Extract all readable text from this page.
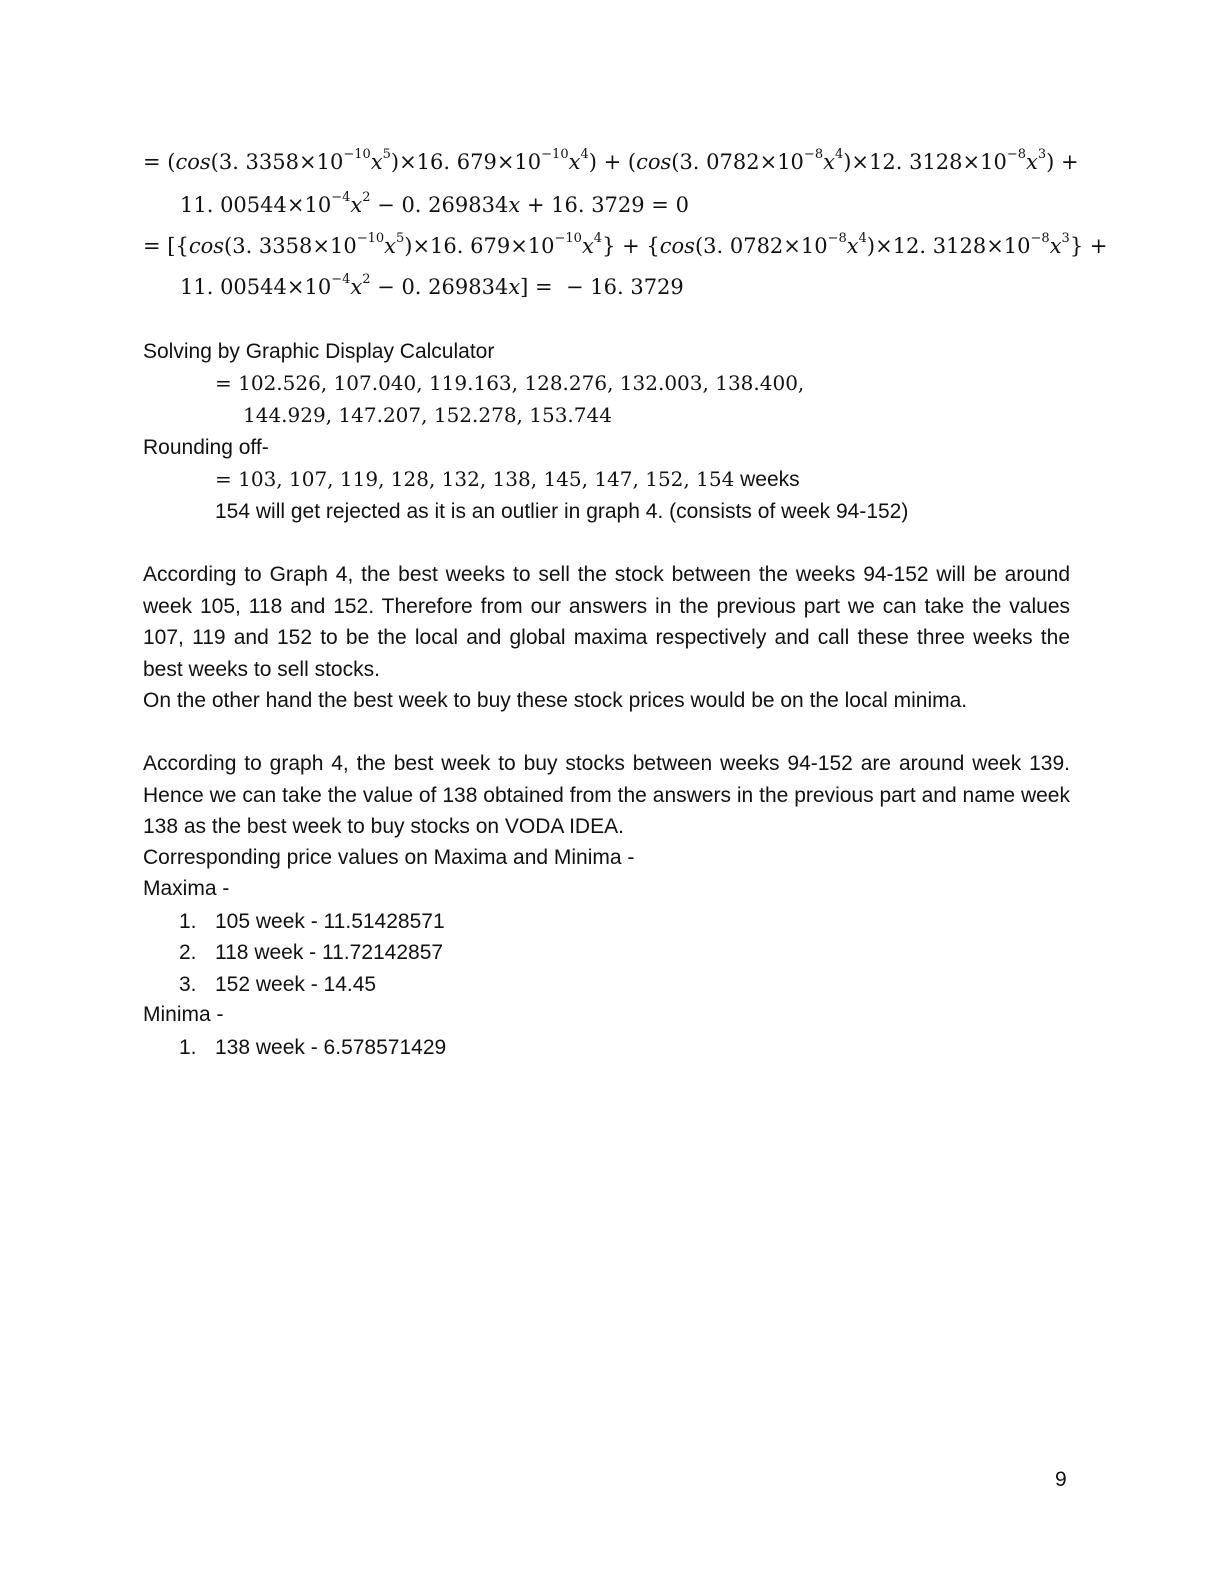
= (cos(3. $3358\times 10^{-10}x^5)\times 16$. $679\times 10^{-10}x^4) + (\cos(3$. $0782\times 10^{-8}x^4)\times 12$. $3128\times 10^{-8}x^3$) +
11. $00544\times 10^{-4}x^2 - 0$. 269834x + 16. 3729 = 0
= [{cos(3. $3358\times 10^{-10}x^5)\times 16$. $679\times 10^{-10}x^4\} + \{\cos(3$. $0782\times 10^{-8}x^4)\times 12$. $3128\times 10^{-8}x^3$} +
11. $00544\times 10^{-4}x^2 - 0$. 269834x] =  − 16. 3729
Solving by Graphic Display Calculator
= 102.526, 107.040, 119.163, 128.276, 132.003, 138.400,
144.929, 147.207, 152.278, 153.744
Rounding off-
= 103, 107, 119, 128, 132, 138, 145, 147, 152, 154 weeks
154 will get rejected as it is an outlier in graph 4. (consists of week 94-152)

According to Graph 4, the best weeks to sell the stock between the weeks 94-152 will be around week 105, 118 and 152. Therefore from our answers in the previous part we can take the values 107, 119 and 152 to be the local and global maxima respectively and call these three weeks the best weeks to sell stocks.

On the other hand the best week to buy these stock prices would be on the local minima.

According to graph 4, the best week to buy stocks between weeks 94-152 are around week 139. Hence we can take the value of 138 obtained from the answers in the previous part and name week 138 as the best week to buy stocks on VODA IDEA.

Corresponding price values on Maxima and Minima -

Maxima -
1. 105 week - 11.51428571
2. 118 week - 11.72142857
3. 152 week - 14.45
Minima -
1. 138 week - 6.578571429
9
